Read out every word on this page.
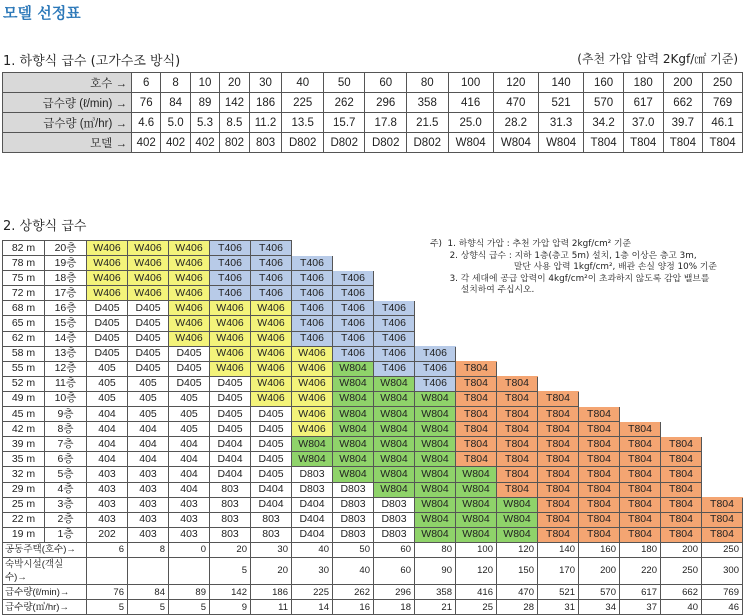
모델 선정표
1. 하향식 급수 (고가수조 방식)	(추천 가압 압력 2Kgf/㎠ 기준)
호수 →	6	8	10	20	30	40	50	60	80	100	120	140	160	180	200	250
급수량 (ℓ/min) →	76	84	89	142	186	225	262	296	358	416	470	521	570	617	662	769
급수량 (㎥/hr) →	4.6	5.0	5.3	8.5	11.2	13.5	15.7	17.8	21.5	25.0	28.2	31.3	34.2	37.0	39.7	46.1
모델 →	402	402	402	802	803	D802	D802	D802	D802	W804	W804	W804	T804	T804	T804	T804
2. 상향식 급수
82 m	20층	W406	W406	W406	T406	T406											
78 m	19층	W406	W406	W406	T406	T406	T406										
75 m	18층	W406	W406	W406	T406	T406	T406	T406									
72 m	17층	W406	W406	W406	T406	T406	T406	T406									
68 m	16층	D405	D405	W406	W406	W406	T406	T406	T406								
65 m	15층	D405	D405	W406	W406	W406	T406	T406	T406								
62 m	14층	D405	D405	W406	W406	W406	T406	T406	T406								
58 m	13층	D405	D405	D405	W406	W406	W406	T406	T406	T406							
55 m	12층	405	D405	D405	W406	W406	W406	W804	T406	T406	T804						
52 m	11층	405	405	D405	D405	W406	W406	W804	W804	T406	T804	T804					
49 m	10층	405	405	405	D405	W406	W406	W804	W804	W804	T804	T804	T804				
45 m	9층	404	405	405	D405	D405	W406	W804	W804	W804	T804	T804	T804	T804			
42 m	8층	404	404	405	D405	D405	W406	W804	W804	W804	T804	T804	T804	T804	T804		
39 m	7층	404	404	404	D404	D405	W804	W804	W804	W804	T804	T804	T804	T804	T804	T804	
35 m	6층	404	404	404	D404	D405	W804	W804	W804	W804	T804	T804	T804	T804	T804	T804	
32 m	5층	403	403	404	D404	D405	D803	W804	W804	W804	W804	T804	T804	T804	T804	T804	
29 m	4층	403	403	404	803	D404	D803	D803	W804	W804	W804	T804	T804	T804	T804	T804	
25 m	3층	403	403	403	803	D404	D404	D803	D803	W804	W804	W804	T804	T804	T804	T804	T804
22 m	2층	403	403	403	803	803	D404	D803	D803	W804	W804	W804	T804	T804	T804	T804	T804
19 m	1층	202	403	403	803	803	D404	D803	D803	W804	W804	W804	T804	T804	T804	T804	T804
공동주택(호수)→		6	8	0	20	30	40	50	60	80	100	120	140	160	180	200	250
숙박시설(객실수)→					5	20	30	40	60	90	120	150	170	200	220	250	300
급수량(ℓ/min)→		76	84	89	142	186	225	262	296	358	416	470	521	570	617	662	769
급수량(㎥/hr)→		5	5	5	9	11	14	16	18	21	25	28	31	34	37	40	46
주)  1. 하향식 가압 : 추천 가압 압력 2kgf/cm² 기준
2. 상향식 급수 : 지하 1층(층고 5m) 설치, 1층 이상은 층고 3m,
말단 사용 압력 1kgf/cm², 배관 손실 양정 10% 기준
3. 각 세대에 공급 압력이 4kgf/cm²이 초과하지 않도록 감압 밸브를
설치하여 주십시오.
